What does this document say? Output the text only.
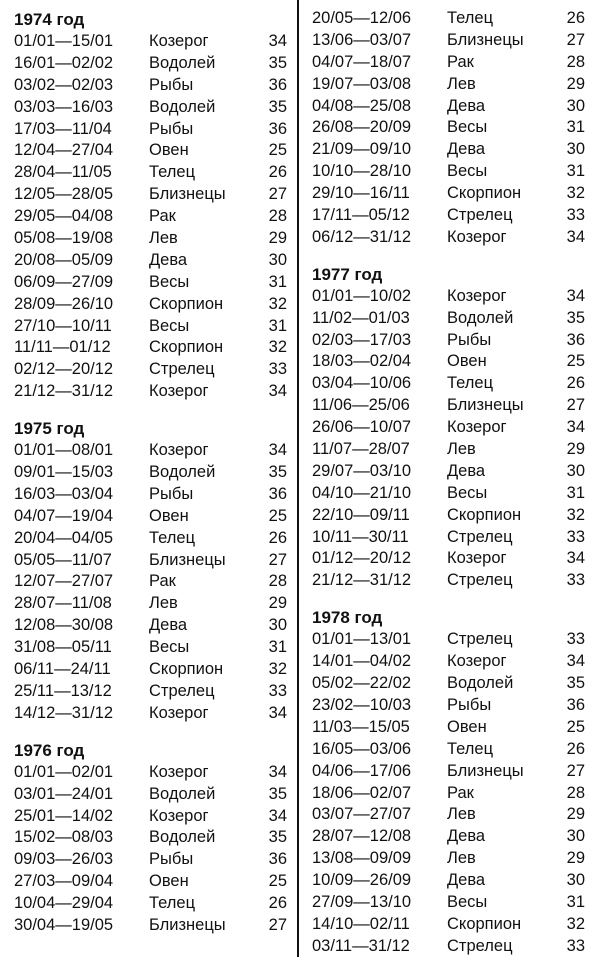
1974 год
01/01—15/01	Козерог	34
16/01—02/02	Водолей	35
03/02—02/03	Рыбы	36
03/03—16/03	Водолей	35
17/03—11/04	Рыбы	36
12/04—27/04	Овен	25
28/04—11/05	Телец	26
12/05—28/05	Близнецы	27
29/05—04/08	Рак	28
05/08—19/08	Лев	29
20/08—05/09	Дева	30
06/09—27/09	Весы	31
28/09—26/10	Скорпион	32
27/10—10/11	Весы	31
11/11—01/12	Скорпион	32
02/12—20/12	Стрелец	33
21/12—31/12	Козерог	34
1975 год
01/01—08/01	Козерог	34
09/01—15/03	Водолей	35
16/03—03/04	Рыбы	36
04/07—19/04	Овен	25
20/04—04/05	Телец	26
05/05—11/07	Близнецы	27
12/07—27/07	Рак	28
28/07—11/08	Лев	29
12/08—30/08	Дева	30
31/08—05/11	Весы	31
06/11—24/11	Скорпион	32
25/11—13/12	Стрелец	33
14/12—31/12	Козерог	34
1976 год
01/01—02/01	Козерог	34
03/01—24/01	Водолей	35
25/01—14/02	Козерог	34
15/02—08/03	Водолей	35
09/03—26/03	Рыбы	36
27/03—09/04	Овен	25
10/04—29/04	Телец	26
30/04—19/05	Близнецы	27
20/05—12/06	Телец	26
13/06—03/07	Близнецы	27
04/07—18/07	Рак	28
19/07—03/08	Лев	29
04/08—25/08	Дева	30
26/08—20/09	Весы	31
21/09—09/10	Дева	30
10/10—28/10	Весы	31
29/10—16/11	Скорпион	32
17/11—05/12	Стрелец	33
06/12—31/12	Козерог	34
1977 год
01/01—10/02	Козерог	34
11/02—01/03	Водолей	35
02/03—17/03	Рыбы	36
18/03—02/04	Овен	25
03/04—10/06	Телец	26
11/06—25/06	Близнецы	27
26/06—10/07	Козерог	34
11/07—28/07	Лев	29
29/07—03/10	Дева	30
04/10—21/10	Весы	31
22/10—09/11	Скорпион	32
10/11—30/11	Стрелец	33
01/12—20/12	Козерог	34
21/12—31/12	Стрелец	33
1978 год
01/01—13/01	Стрелец	33
14/01—04/02	Козерог	34
05/02—22/02	Водолей	35
23/02—10/03	Рыбы	36
11/03—15/05	Овен	25
16/05—03/06	Телец	26
04/06—17/06	Близнецы	27
18/06—02/07	Рак	28
03/07—27/07	Лев	29
28/07—12/08	Дева	30
13/08—09/09	Лев	29
10/09—26/09	Дева	30
27/09—13/10	Весы	31
14/10—02/11	Скорпион	32
03/11—31/12	Стрелец	33
